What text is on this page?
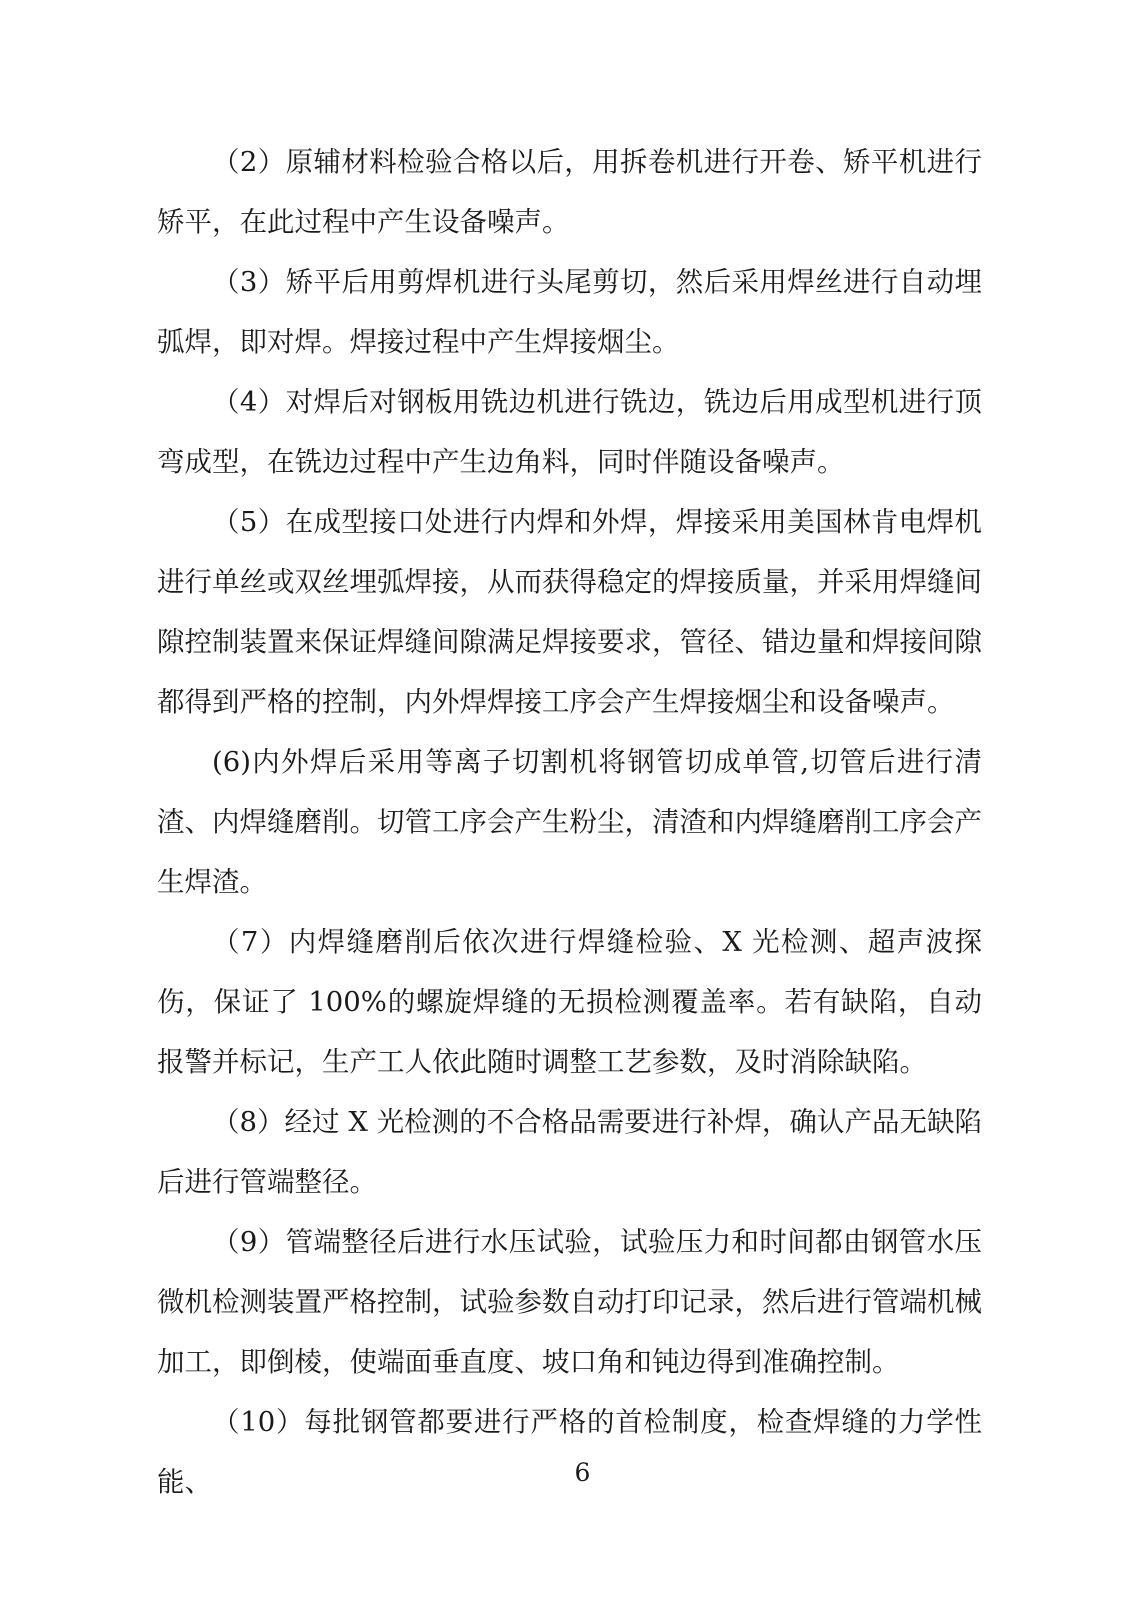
（2）原辅材料检验合格以后，用拆卷机进行开卷、矫平机进行矫平，在此过程中产生设备噪声。

（3）矫平后用剪焊机进行头尾剪切，然后采用焊丝进行自动埋弧焊，即对焊。焊接过程中产生焊接烟尘。

（4）对焊后对钢板用铣边机进行铣边，铣边后用成型机进行顶弯成型，在铣边过程中产生边角料，同时伴随设备噪声。

（5）在成型接口处进行内焊和外焊，焊接采用美国林肯电焊机进行单丝或双丝埋弧焊接，从而获得稳定的焊接质量，并采用焊缝间隙控制装置来保证焊缝间隙满足焊接要求，管径、错边量和焊接间隙都得到严格的控制，内外焊焊接工序会产生焊接烟尘和设备噪声。

(6)内外焊后采用等离子切割机将钢管切成单管,切管后进行清渣、内焊缝磨削。切管工序会产生粉尘，清渣和内焊缝磨削工序会产生焊渣。

（7）内焊缝磨削后依次进行焊缝检验、X 光检测、超声波探伤，保证了 100%的螺旋焊缝的无损检测覆盖率。若有缺陷，自动报警并标记，生产工人依此随时调整工艺参数，及时消除缺陷。

（8）经过 X 光检测的不合格品需要进行补焊，确认产品无缺陷后进行管端整径。

（9）管端整径后进行水压试验，试验压力和时间都由钢管水压微机检测装置严格控制，试验参数自动打印记录，然后进行管端机械加工，即倒棱，使端面垂直度、坡口角和钝边得到准确控制。

（10）每批钢管都要进行严格的首检制度，检查焊缝的力学性能、	6
